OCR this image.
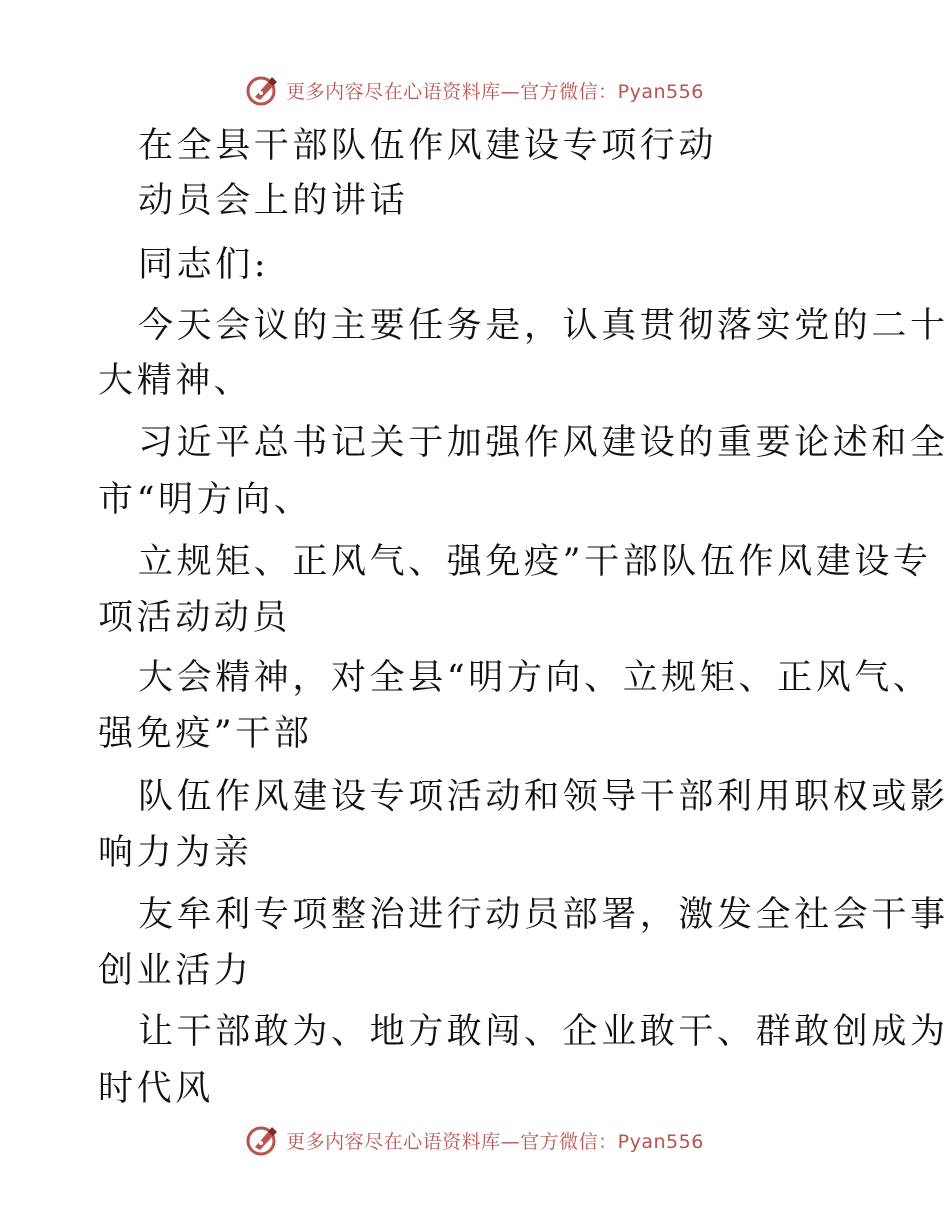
更多内容尽在心语资料库—官方微信：Pyan556
在全县干部队伍作风建设专项行动
动员会上的讲话
同志们:
今天会议的主要任务是，认真贯彻落实党的二十
大精神、
习近平总书记关于加强作风建设的重要论述和全
市“明方向、
立规矩、正风气、强免疫”干部队伍作风建设专
项活动动员
大会精神，对全县“明方向、立规矩、正风气、
强免疫”干部
队伍作风建设专项活动和领导干部利用职权或影
响力为亲
友牟利专项整治进行动员部署，激发全社会干事
创业活力
让干部敢为、地方敢闯、企业敢干、群敢创成为
时代风
更多内容尽在心语资料库—官方微信：Pyan556
